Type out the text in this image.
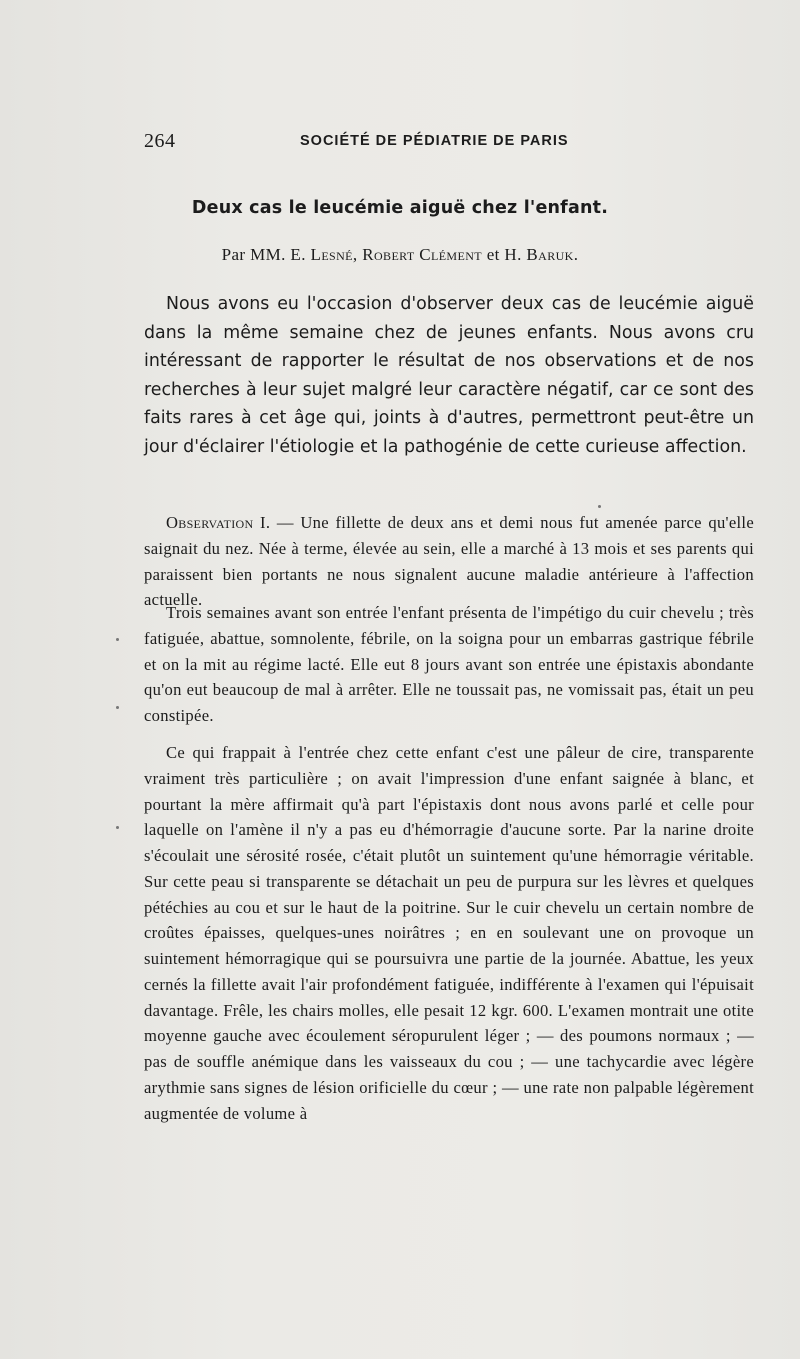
264	SOCIÉTÉ DE PÉDIATRIE DE PARIS
Deux cas le leucémie aiguë chez l'enfant.
Par MM. E. Lesné, Robert Clément et H. Baruk.

Nous avons eu l'occasion d'observer deux cas de leucémie aiguë dans la même semaine chez de jeunes enfants. Nous avons cru intéressant de rapporter le résultat de nos observations et de nos recherches à leur sujet malgré leur caractère négatif, car ce sont des faits rares à cet âge qui, joints à d'autres, permettront peut-être un jour d'éclairer l'étiologie et la pathogénie de cette curieuse affection.

Observation I. — Une fillette de deux ans et demi nous fut amenée parce qu'elle saignait du nez. Née à terme, élevée au sein, elle a marché à 13 mois et ses parents qui paraissent bien portants ne nous signalent aucune maladie antérieure à l'affection actuelle.

Trois semaines avant son entrée l'enfant présenta de l'impétigo du cuir chevelu ; très fatiguée, abattue, somnolente, fébrile, on la soigna pour un embarras gastrique fébrile et on la mit au régime lacté. Elle eut 8 jours avant son entrée une épistaxis abondante qu'on eut beaucoup de mal à arrêter. Elle ne toussait pas, ne vomissait pas, était un peu constipée.

Ce qui frappait à l'entrée chez cette enfant c'est une pâleur de cire, transparente vraiment très particulière ; on avait l'impression d'une enfant saignée à blanc, et pourtant la mère affirmait qu'à part l'épistaxis dont nous avons parlé et celle pour laquelle on l'amène il n'y a pas eu d'hémorragie d'aucune sorte. Par la narine droite s'écoulait une sérosité rosée, c'était plutôt un suintement qu'une hémorragie véritable. Sur cette peau si transparente se détachait un peu de purpura sur les lèvres et quelques pétéchies au cou et sur le haut de la poitrine. Sur le cuir chevelu un certain nombre de croûtes épaisses, quelques-unes noirâtres ; en en soulevant une on provoque un suintement hémorragique qui se poursuivra une partie de la journée. Abattue, les yeux cernés la fillette avait l'air profondément fatiguée, indifférente à l'examen qui l'épuisait davantage. Frêle, les chairs molles, elle pesait 12 kgr. 600. L'examen montrait une otite moyenne gauche avec écoulement séropurulent léger ; — des poumons normaux ; — pas de souffle anémique dans les vaisseaux du cou ; — une tachycardie avec légère arythmie sans signes de lésion orificielle du cœur ; — une rate non palpable légèrement augmentée de volume à
